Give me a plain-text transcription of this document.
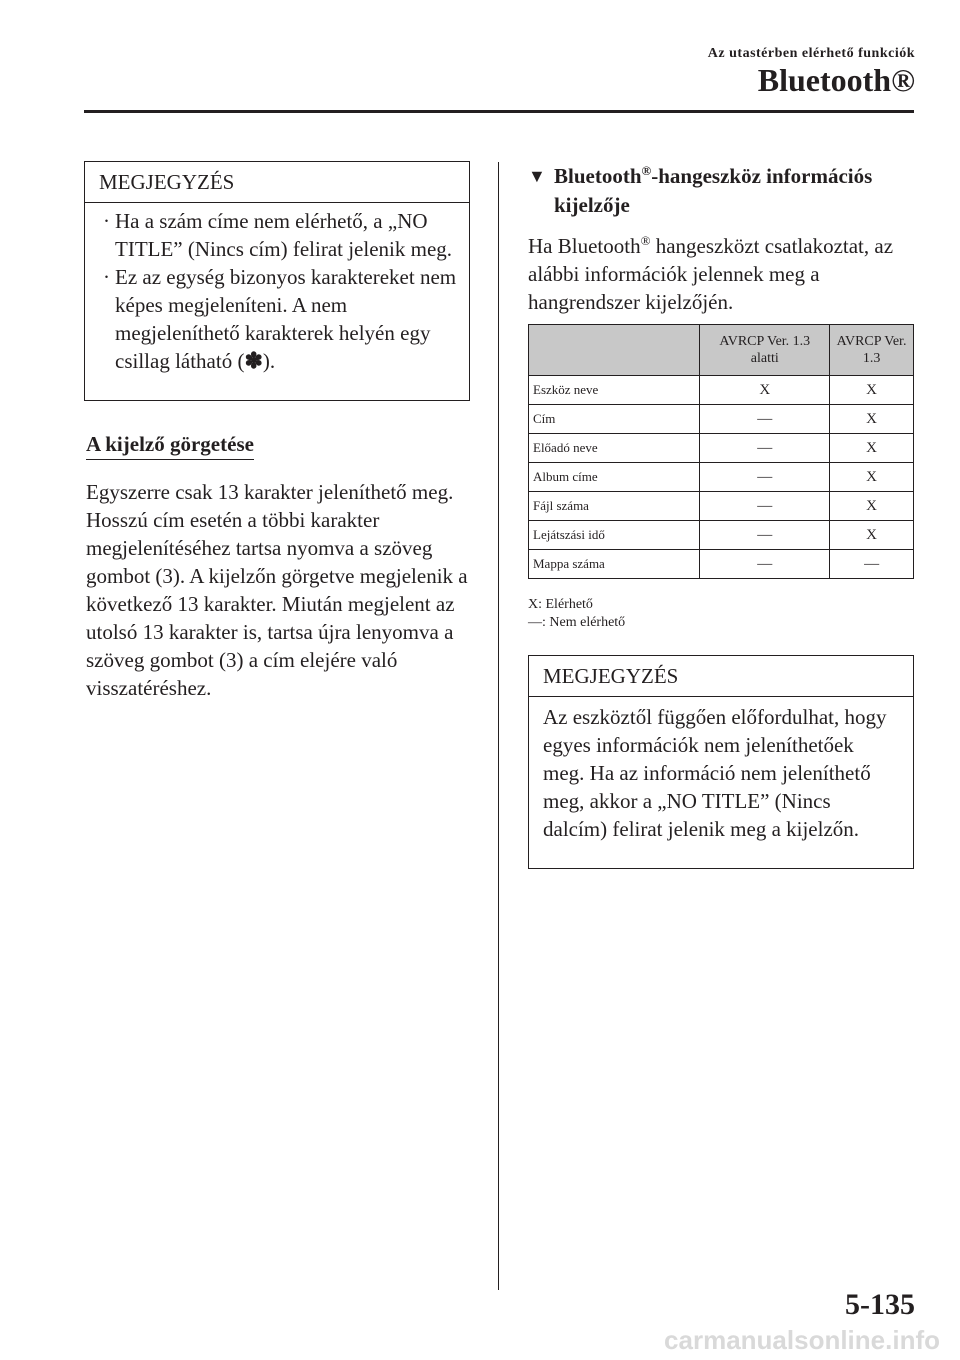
Az utastérben elérhető funkciók
Bluetooth®
MEGJEGYZÉS
· Ha a szám címe nem elérhető, a „NO TITLE” (Nincs cím) felirat jelenik meg.
· Ez az egység bizonyos karaktereket nem képes megjeleníteni. A nem megjeleníthető karakterek helyén egy csillag látható (✽).
A kijelző görgetése
Egyszerre csak 13 karakter jeleníthető meg. Hosszú cím esetén a többi karakter megjelenítéséhez tartsa nyomva a szöveg gombot (3). A kijelzőn görgetve megjelenik a következő 13 karakter. Miután megjelent az utolsó 13 karakter is, tartsa újra lenyomva a szöveg gombot (3) a cím elejére való visszatéréshez.
▼ Bluetooth®-hangeszköz információs kijelzője
Ha Bluetooth® hangeszközt csatlakoztat, az alábbi információk jelennek meg a hangrendszer kijelzőjén.
	AVRCP Ver. 1.3 alatti	AVRCP Ver. 1.3
Eszköz neve	X	X
Cím	—	X
Előadó neve	—	X
Album címe	—	X
Fájl száma	—	X
Lejátszási idő	—	X
Mappa száma	—	—
X: Elérhető
—: Nem elérhető
MEGJEGYZÉS
Az eszköztől függően előfordulhat, hogy egyes információk nem jeleníthetőek meg. Ha az információ nem jeleníthető meg, akkor a „NO TITLE” (Nincs dalcím) felirat jelenik meg a kijelzőn.
5-135
carmanualsonline.info
